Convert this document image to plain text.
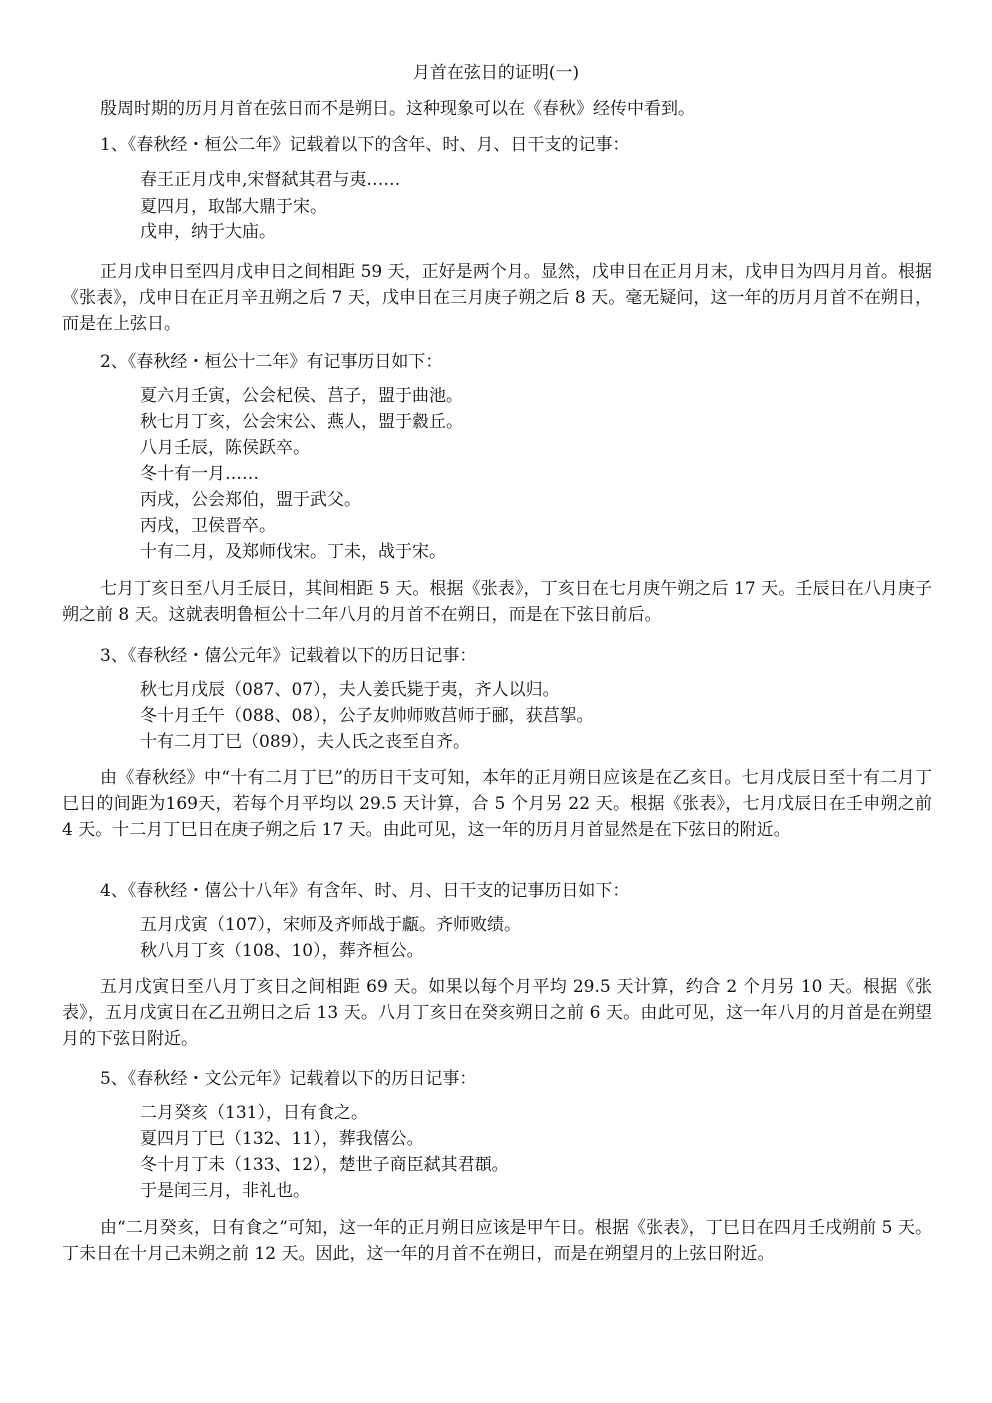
月首在弦日的证明(一)
殷周时期的历月月首在弦日而不是朔日。这种现象可以在《春秋》经传中看到。
1、《春秋经・桓公二年》记载着以下的含年、时、月、日干支的记事：
春王正月戊申,宋督弑其君与夷……
夏四月，取郜大鼎于宋。
戊申，纳于大庙。
正月戊申日至四月戊申日之间相距 59 天，正好是两个月。显然，戊申日在正月月末，戊申日为四月月首。根据《张表》，戊申日在正月辛丑朔之后 7 天，戊申日在三月庚子朔之后 8 天。毫无疑问，这一年的历月月首不在朔日，而是在上弦日。
2、《春秋经・桓公十二年》有记事历日如下：
夏六月壬寅，公会杞侯、莒子，盟于曲池。
秋七月丁亥，公会宋公、燕人，盟于縠丘。
八月壬辰，陈侯跃卒。
冬十有一月……
丙戌，公会郑伯，盟于武父。
丙戌，卫侯晋卒。
十有二月，及郑师伐宋。丁未，战于宋。
七月丁亥日至八月壬辰日，其间相距 5 天。根据《张表》，丁亥日在七月庚午朔之后 17 天。壬辰日在八月庚子朔之前 8 天。这就表明鲁桓公十二年八月的月首不在朔日，而是在下弦日前后。
3、《春秋经・僖公元年》记载着以下的历日记事：
秋七月戊辰（087、07），夫人姜氏毙于夷，齐人以归。
冬十月壬午（088、08），公子友帅师败莒师于郦，获莒挐。
十有二月丁巳（089），夫人氏之丧至自齐。
由《春秋经》中“十有二月丁巳”的历日干支可知，本年的正月朔日应该是在乙亥日。七月戊辰日至十有二月丁巳日的间距为169天，若每个月平均以 29.5 天计算，合 5 个月另 22 天。根据《张表》，七月戊辰日在壬申朔之前 4 天。十二月丁巳日在庚子朔之后 17 天。由此可见，这一年的历月月首显然是在下弦日的附近。
4、《春秋经・僖公十八年》有含年、时、月、日干支的记事历日如下：
五月戊寅（107），宋师及齐师战于甗。齐师败绩。
秋八月丁亥（108、10），葬齐桓公。
五月戊寅日至八月丁亥日之间相距 69 天。如果以每个月平均 29.5 天计算，约合 2 个月另 10 天。根据《张表》，五月戊寅日在乙丑朔日之后 13 天。八月丁亥日在癸亥朔日之前 6 天。由此可见，这一年八月的月首是在朔望月的下弦日附近。
5、《春秋经・文公元年》记载着以下的历日记事：
二月癸亥（131），日有食之。
夏四月丁巳（132、11），葬我僖公。
冬十月丁未（133、12），楚世子商臣弑其君頵。
于是闰三月，非礼也。
由“二月癸亥，日有食之”可知，这一年的正月朔日应该是甲午日。根据《张表》，丁巳日在四月壬戌朔前 5 天。丁未日在十月己未朔之前 12 天。因此，这一年的月首不在朔日，而是在朔望月的上弦日附近。
